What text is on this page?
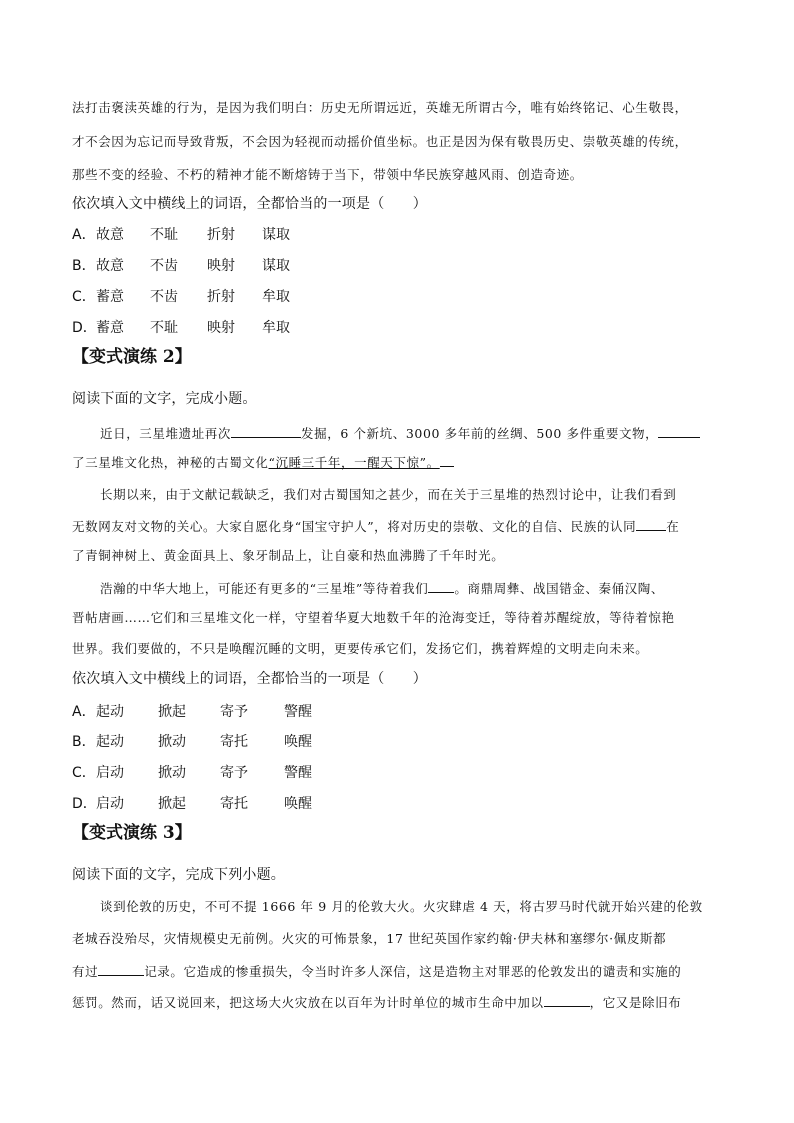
法打击褒渎英雄的行为，是因为我们明白：历史无所谓远近，英雄无所谓古今，唯有始终铭记、心生敬畏，
才不会因为忘记而导致背叛，不会因为轻视而动摇价值坐标。也正是因为保有敬畏历史、崇敬英雄的传统，
那些不变的经验、不朽的精神才能不断熔铸于当下，带领中华民族穿越风雨、创造奇迹。
依次填入文中横线上的词语，全都恰当的一项是（　　）
A． 故意 不耻 折射 谋取
B． 故意 不齿 映射 谋取
C． 蓄意 不齿 折射 牟取
D． 蓄意 不耻 映射 牟取
【变式演练 2】
阅读下面的文字，完成小题。
近日，三星堆遗址再次	发掘，6 个新坑、3000 多年前的丝绸、500 多件重要文物，
了三星堆文化热，神秘的古蜀文化“沉睡三千年，一醒天下惊”。
长期以来，由于文献记载缺乏，我们对古蜀国知之甚少，而在关于三星堆的热烈讨论中，让我们看到
无数网友对文物的关心。大家自愿化身“国宝守护人”，将对历史的崇敬、文化的自信、民族的认同 在
了青铜神树上、黄金面具上、象牙制品上，让自豪和热血沸腾了千年时光。
浩瀚的中华大地上，可能还有更多的“三星堆”等待着我们 。商鼎周彝、战国错金、秦俑汉陶、
晋帖唐画……它们和三星堆文化一样，守望着华夏大地数千年的沧海变迁，等待着苏醒绽放，等待着惊艳
世界。我们要做的，不只是唤醒沉睡的文明，更要传承它们，发扬它们，携着辉煌的文明走向未来。
依次填入文中横线上的词语，全都恰当的一项是（　　）
A． 起动 掀起 寄予	警醒
B． 起动 掀动 寄托	唤醒
C． 启动 掀动 寄予	警醒
D． 启动 掀起 寄托	唤醒
【变式演练 3】
阅读下面的文字，完成下列小题。
谈到伦敦的历史，不可不提 1666 年 9 月的伦敦大火。火灾肆虐 4 天，将古罗马时代就开始兴建的伦敦
老城吞没殆尽，灾情规模史无前例。火灾的可怖景象，17 世纪英国作家约翰·伊夫林和塞缪尔·佩皮斯都
有过	记录。它造成的惨重损失，令当时许多人深信，这是造物主对罪恶的伦敦发出的谴责和实施的
惩罚。然而，话又说回来，把这场大火灾放在以百年为计时单位的城市生命中加以	，它又是除旧布
